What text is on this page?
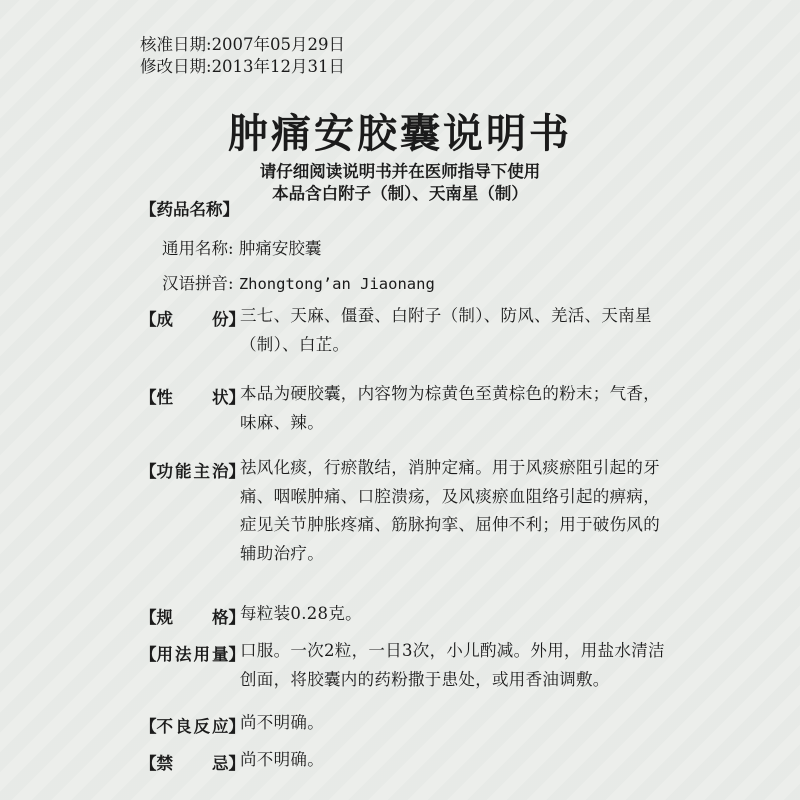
核准日期:2007年05月29日
修改日期:2013年12月31日
肿痛安胶囊说明书
请仔细阅读说明书并在医师指导下使用
本品含白附子（制）、天南星（制）
【药品名称】
通用名称: 肿痛安胶囊
汉语拼音: Zhongtong’an Jiaonang
【成份】
三七、天麻、僵蚕、白附子（制）、防风、羌活、天南星（制）、白芷。
【性状】
本品为硬胶囊，内容物为棕黄色至黄棕色的粉末；气香，味麻、辣。
【功能主治】
祛风化痰，行瘀散结，消肿定痛。用于风痰瘀阻引起的牙痛、咽喉肿痛、口腔溃疡，及风痰瘀血阻络引起的痹病，症见关节肿胀疼痛、筋脉拘挛、屈伸不利；用于破伤风的辅助治疗。
【规格】
每粒装0.28克。
【用法用量】
口服。一次2粒，一日3次，小儿酌减。外用，用盐水清洁创面，将胶囊内的药粉撒于患处，或用香油调敷。
【不良反应】
尚不明确。
【禁忌】
尚不明确。
